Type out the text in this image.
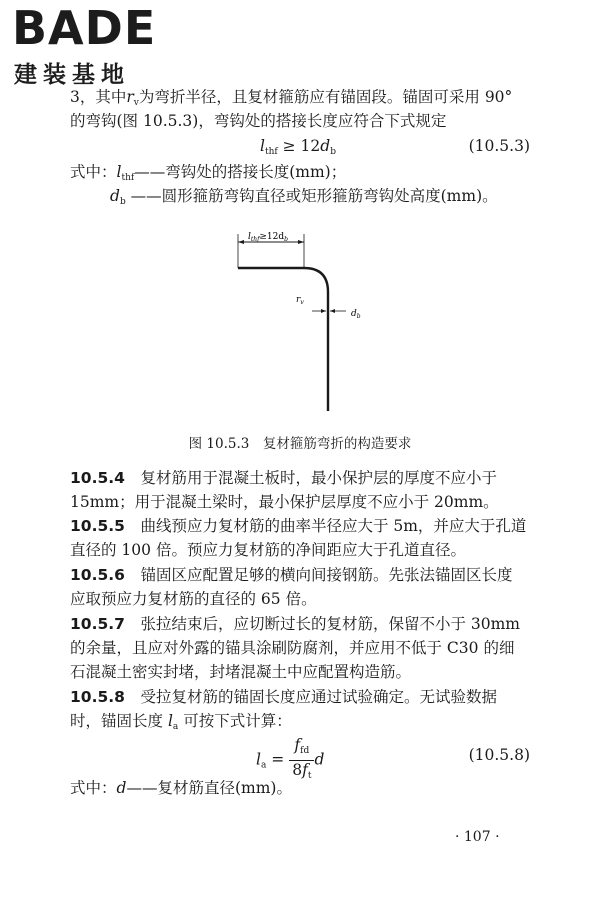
BADE
建装基地
3，其中$r_v$为弯折半径，且复材箍筋应有锚固段。锚固可采用 90°
的弯钩(图 10.5.3)，弯钩处的搭接长度应符合下式规定
$l_{thf} \ge 12d_b$	(10.5.3)
式中：$l_{thf}——$弯钩处的搭接长度(mm)；
$d_b$ ——圆形箍筋弯钩直径或矩形箍筋弯钩处高度(mm)。
$l_{thf}\ge 12d_b$
$r_v$
$d_b$
图 10.5.3　复材箍筋弯折的构造要求
10.5.4　 复材筋用于混凝土板时，最小保护层的厚度不应小于
15mm；用于混凝土梁时，最小保护层厚度不应小于 20mm。
10.5.5　 曲线预应力复材筋的曲率半径应大于 5m，并应大于孔道
直径的 100 倍。预应力复材筋的净间距应大于孔道直径。
10.5.6　 锚固区应配置足够的横向间接钢筋。先张法锚固区长度
应取预应力复材筋的直径的 65 倍。
10.5.7　 张拉结束后，应切断过长的复材筋，保留不小于 30mm
的余量，且应对外露的锚具涂刷防腐剂，并应用不低于 C30 的细
石混凝土密实封堵，封堵混凝土中应配置构造筋。
10.5.8　 受拉复材筋的锚固长度应通过试验确定。无试验数据
时，锚固长度 $l_a$ 可按下式计算：
$l_a = \frac{f_{fd}}{8f_t}$ d	(10.5.8)
式中：d——复材筋直径(mm)。
· 107 ·
